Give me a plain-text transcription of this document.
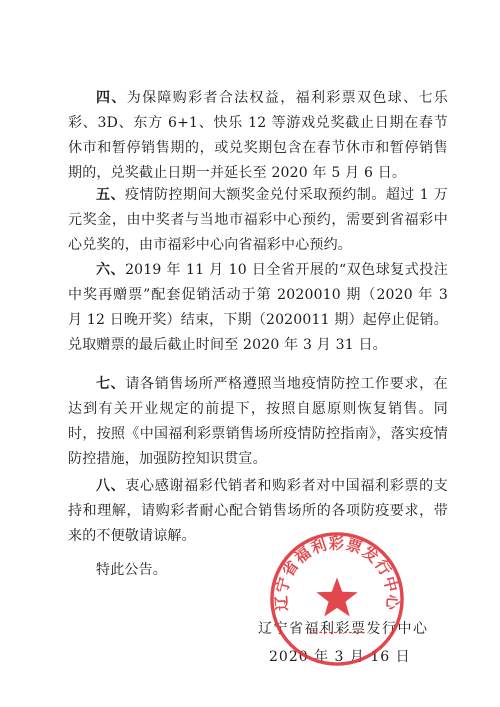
四、为保障购彩者合法权益，福利彩票双色球、七乐彩、3D、东方 6+1、快乐 12 等游戏兑奖截止日期在春节休市和暂停销售期的，或兑奖期包含在春节休市和暂停销售期的，兑奖截止日期一并延长至 2020 年 5 月 6 日。

五、疫情防控期间大额奖金兑付采取预约制。超过 1 万元奖金，由中奖者与当地市福彩中心预约，需要到省福彩中心兑奖的，由市福彩中心向省福彩中心预约。

六、2019 年 11 月 10 日全省开展的“双色球复式投注中奖再赠票”配套促销活动于第 2020010 期（2020 年 3 月 12 日晚开奖）结束，下期（2020011 期）起停止促销。兑取赠票的最后截止时间至 2020 年 3 月 31 日。

七、请各销售场所严格遵照当地疫情防控工作要求，在达到有关开业规定的前提下，按照自愿原则恢复销售。同时，按照《中国福利彩票销售场所疫情防控指南》，落实疫情防控措施，加强防控知识贯宣。

八、衷心感谢福彩代销者和购彩者对中国福利彩票的支持和理解，请购彩者耐心配合销售场所的各项防疫要求，带来的不便敬请谅解。

特此公告。

辽宁省福利彩票发行中心
2020 年 3 月 16 日
辽宁省福利彩票发行中心
